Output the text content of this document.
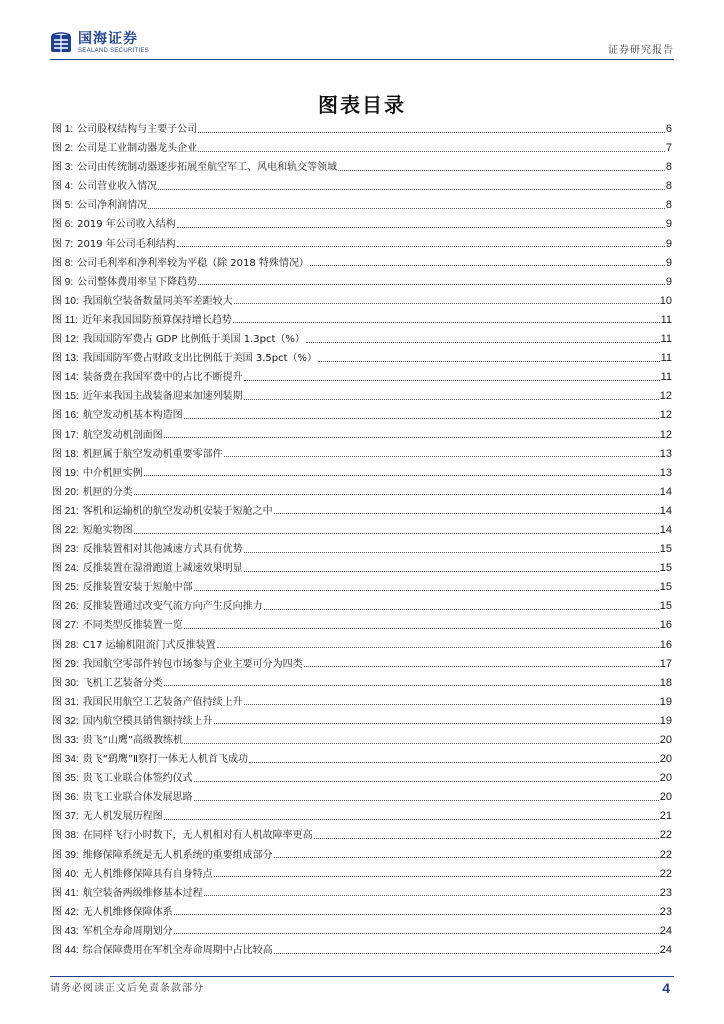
国海证券
SEALAND SECURITIES	证券研究报告
图表目录
图 1: 公司股权结构与主要子公司	6
图 2: 公司是工业制动器龙头企业	7
图 3: 公司由传统制动器逐步拓展至航空军工、风电和轨交等领域	8
图 4: 公司营业收入情况	8
图 5: 公司净利润情况	8
图 6: 2019 年公司收入结构	9
图 7: 2019 年公司毛利结构	9
图 8: 公司毛利率和净利率较为平稳（除 2018 特殊情况）	9
图 9: 公司整体费用率呈下降趋势	9
图 10: 我国航空装备数量同美军差距较大	10
图 11: 近年来我国国防预算保持增长趋势	11
图 12: 我国国防军费占 GDP 比例低于美国 1.3pct（%）	11
图 13: 我国国防军费占财政支出比例低于美国 3.5pct（%）	11
图 14: 装备费在我国军费中的占比不断提升	11
图 15: 近年来我国主战装备迎来加速列装期	12
图 16: 航空发动机基本构造图	12
图 17: 航空发动机剖面图	12
图 18: 机匣属于航空发动机重要零部件	13
图 19: 中介机匣实例	13
图 20: 机匣的分类	14
图 21: 客机和运输机的航空发动机安装于短舱之中	14
图 22: 短舱实物图	14
图 23: 反推装置相对其他减速方式具有优势	15
图 24: 反推装置在湿滑跑道上减速效果明显	15
图 25: 反推装置安装于短舱中部	15
图 26: 反推装置通过改变气流方向产生反向推力	15
图 27: 不同类型反推装置一览	16
图 28: C17 运输机阻流门式反推装置	16
图 29: 我国航空零部件转包市场参与企业主要可分为四类	17
图 30: 飞机工艺装备分类	18
图 31: 我国民用航空工艺装备产值持续上升	19
图 32: 国内航空模具销售额持续上升	19
图 33: 贵飞“山鹰”高级教练机	20
图 34: 贵飞“鹞鹰”Ⅱ察打一体无人机首飞成功	20
图 35: 贵飞工业联合体签约仪式	20
图 36: 贵飞工业联合体发展思路	20
图 37: 无人机发展历程图	21
图 38: 在同样飞行小时数下，无人机相对有人机故障率更高	22
图 39: 维修保障系统是无人机系统的重要组成部分	22
图 40: 无人机维修保障具有自身特点	22
图 41: 航空装备两级维修基本过程	23
图 42: 无人机维修保障体系	23
图 43: 军机全寿命周期划分	24
图 44: 综合保障费用在军机全寿命周期中占比较高	24
请务必阅读正文后免责条款部分	4
